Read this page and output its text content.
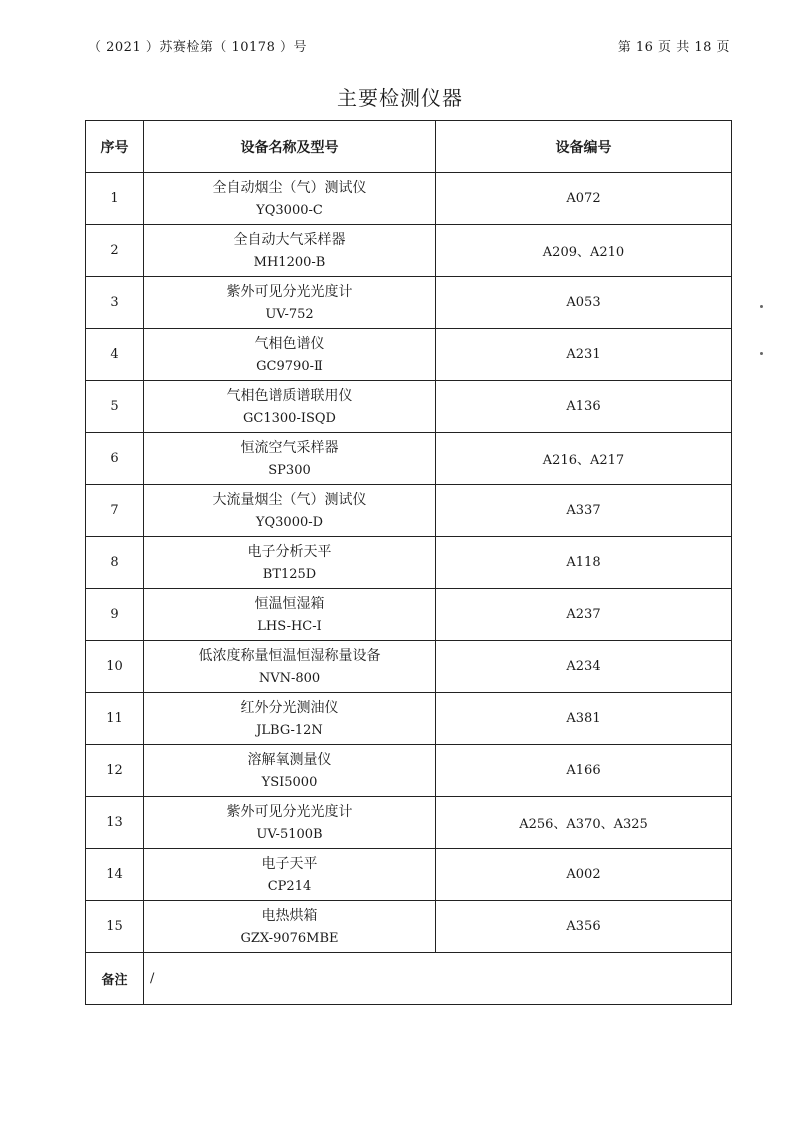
（ 2021 ）苏赛检第（ 10178 ）号	第 16 页 共 18 页
主要检测仪器
序号	设备名称及型号	设备编号
1	全自动烟尘（气）测试仪
YQ3000-C	A072
2	全自动大气采样器
MH1200-B	A209、A210
3	紫外可见分光光度计
UV-752	A053
4	气相色谱仪
GC9790-Ⅱ	A231
5	气相色谱质谱联用仪
GC1300-ISQD	A136
6	恒流空气采样器
SP300	A216、A217
7	大流量烟尘（气）测试仪
YQ3000-D	A337
8	电子分析天平
BT125D	A118
9	恒温恒湿箱
LHS-HC-I	A237
10	低浓度称量恒温恒湿称量设备
NVN-800	A234
11	红外分光测油仪
JLBG-12N	A381
12	溶解氧测量仪
YSI5000	A166
13	紫外可见分光光度计
UV-5100B	A256、A370、A325
14	电子天平
CP214	A002
15	电热烘箱
GZX-9076MBE	A356
备注	/	
